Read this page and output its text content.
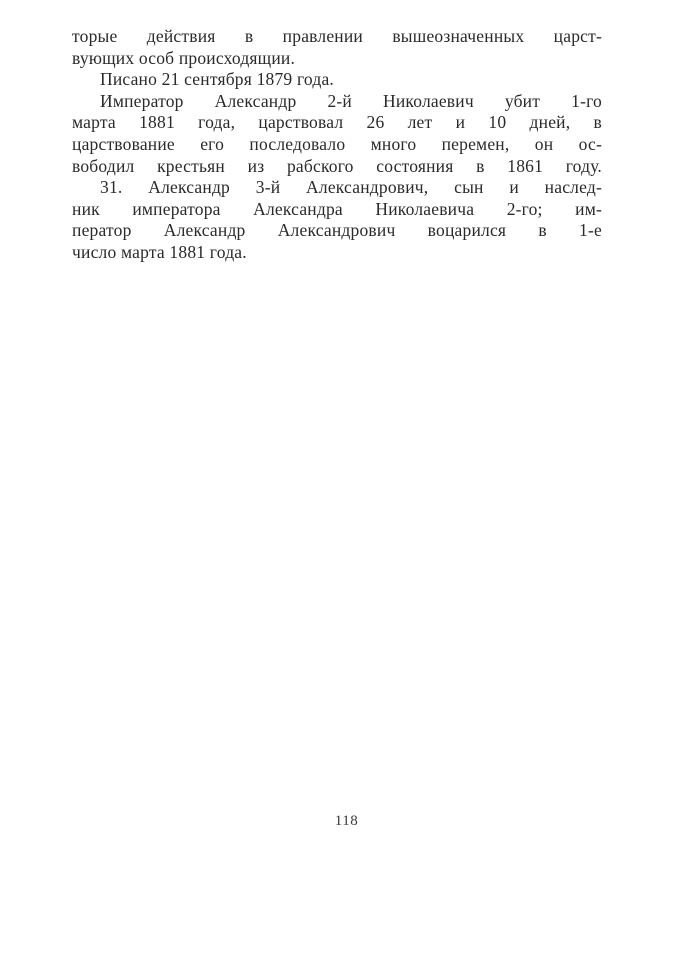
торые действия в правлении вышеозначенных царст-
вующих особ происходящии.
Писано 21 сентября 1879 года.
Император Александр 2-й Николаевич убит 1-го
марта 1881 года, царствовал 26 лет и 10 дней, в
царствование его последовало много перемен, он ос-
вободил крестьян из рабского состояния в 1861 году.
31. Александр 3-й Александрович, сын и наслед-
ник императора Александра Николаевича 2-го; им-
ператор Александр Александрович воцарился в 1-е
число марта 1881 года.
118
